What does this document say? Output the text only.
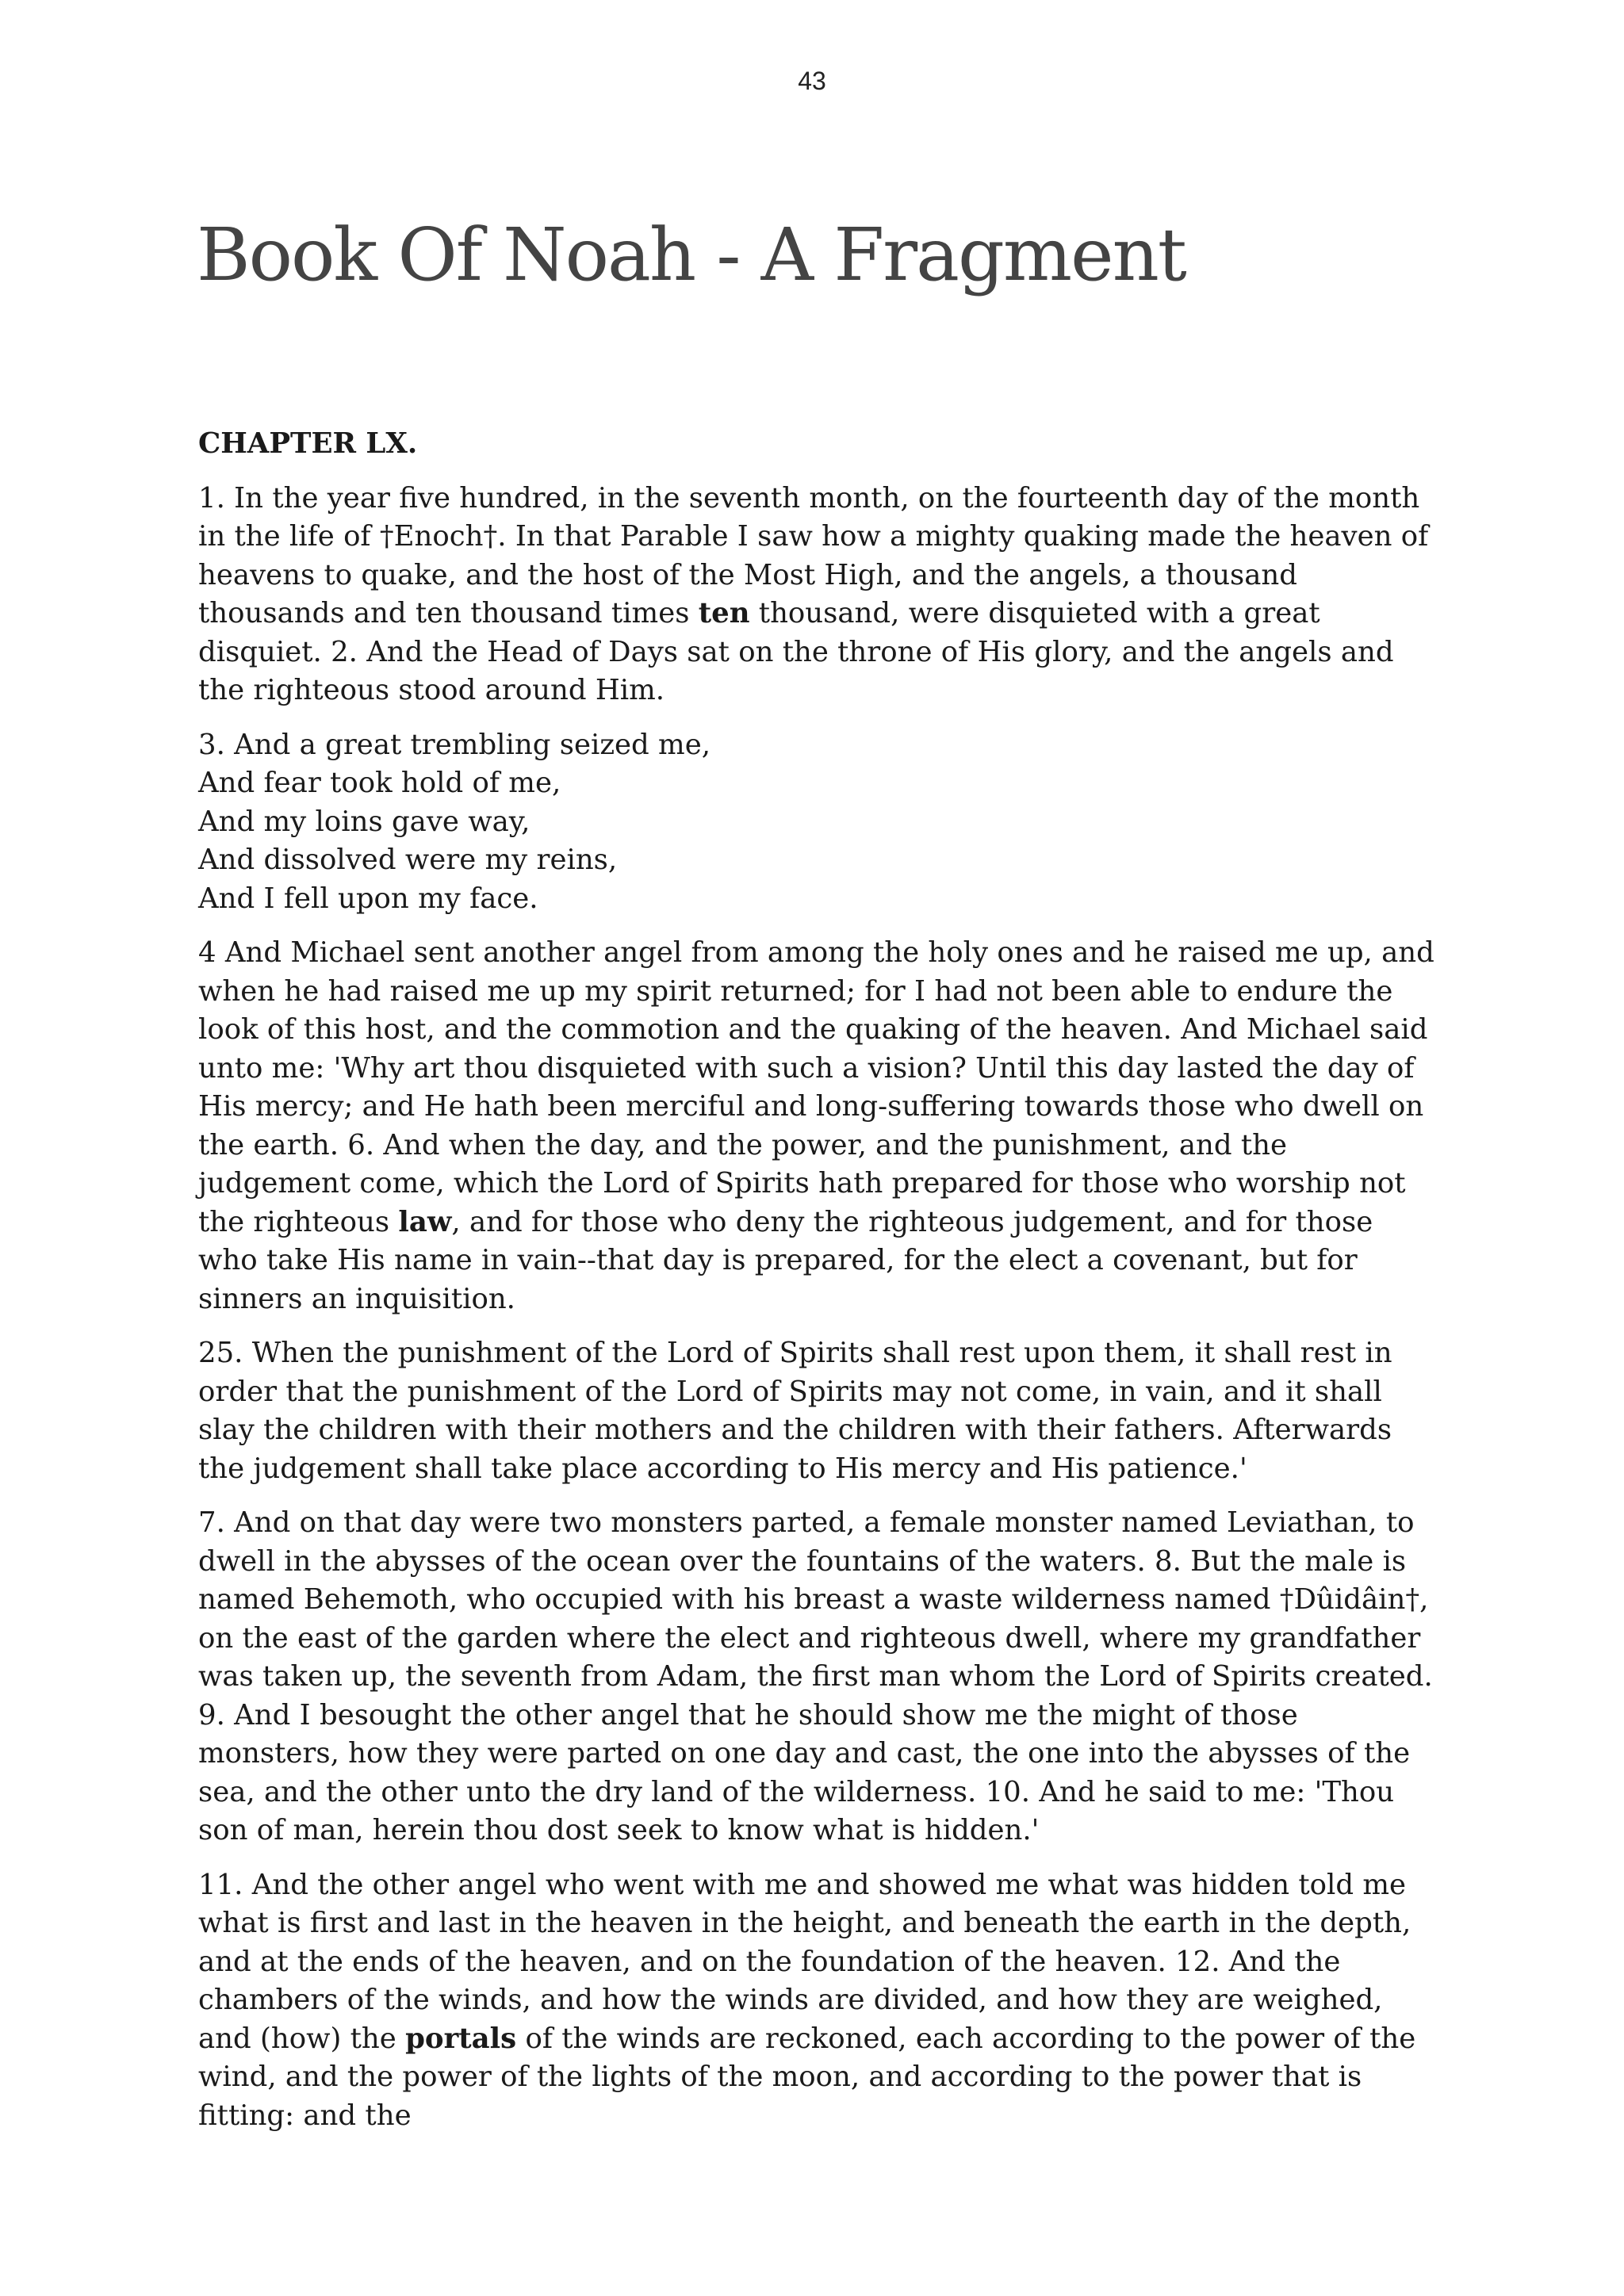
43
Book Of Noah - A Fragment

CHAPTER LX.

1. In the year five hundred, in the seventh month, on the fourteenth day of the month in the life of †Enoch†. In that Parable I saw how a mighty quaking made the heaven of heavens to quake, and the host of the Most High, and the angels, a thousand thousands and ten thousand times ten thousand, were disquieted with a great disquiet. 2. And the Head of Days sat on the throne of His glory, and the angels and the righteous stood around Him.

3. And a great trembling seized me,
And fear took hold of me,
And my loins gave way,
And dissolved were my reins,
And I fell upon my face.

4 And Michael sent another angel from among the holy ones and he raised me up, and when he had raised me up my spirit returned; for I had not been able to endure the look of this host, and the commotion and the quaking of the heaven. And Michael said unto me: 'Why art thou disquieted with such a vision? Until this day lasted the day of His mercy; and He hath been merciful and long-suffering towards those who dwell on the earth. 6. And when the day, and the power, and the punishment, and the judgement come, which the Lord of Spirits hath prepared for those who worship not the righteous law, and for those who deny the righteous judgement, and for those who take His name in vain--that day is prepared, for the elect a covenant, but for sinners an inquisition.

25. When the punishment of the Lord of Spirits shall rest upon them, it shall rest in order that the punishment of the Lord of Spirits may not come, in vain, and it shall slay the children with their mothers and the children with their fathers. Afterwards the judgement shall take place according to His mercy and His patience.'

7. And on that day were two monsters parted, a female monster named Leviathan, to dwell in the abysses of the ocean over the fountains of the waters. 8. But the male is named Behemoth, who occupied with his breast a waste wilderness named †Dûidâin†, on the east of the garden where the elect and righteous dwell, where my grandfather was taken up, the seventh from Adam, the first man whom the Lord of Spirits created. 9. And I besought the other angel that he should show me the might of those monsters, how they were parted on one day and cast, the one into the abysses of the sea, and the other unto the dry land of the wilderness. 10. And he said to me: 'Thou son of man, herein thou dost seek to know what is hidden.'

11. And the other angel who went with me and showed me what was hidden told me what is first and last in the heaven in the height, and beneath the earth in the depth, and at the ends of the heaven, and on the foundation of the heaven. 12. And the chambers of the winds, and how the winds are divided, and how they are weighed, and (how) the portals of the winds are reckoned, each according to the power of the wind, and the power of the lights of the moon, and according to the power that is fitting: and the
